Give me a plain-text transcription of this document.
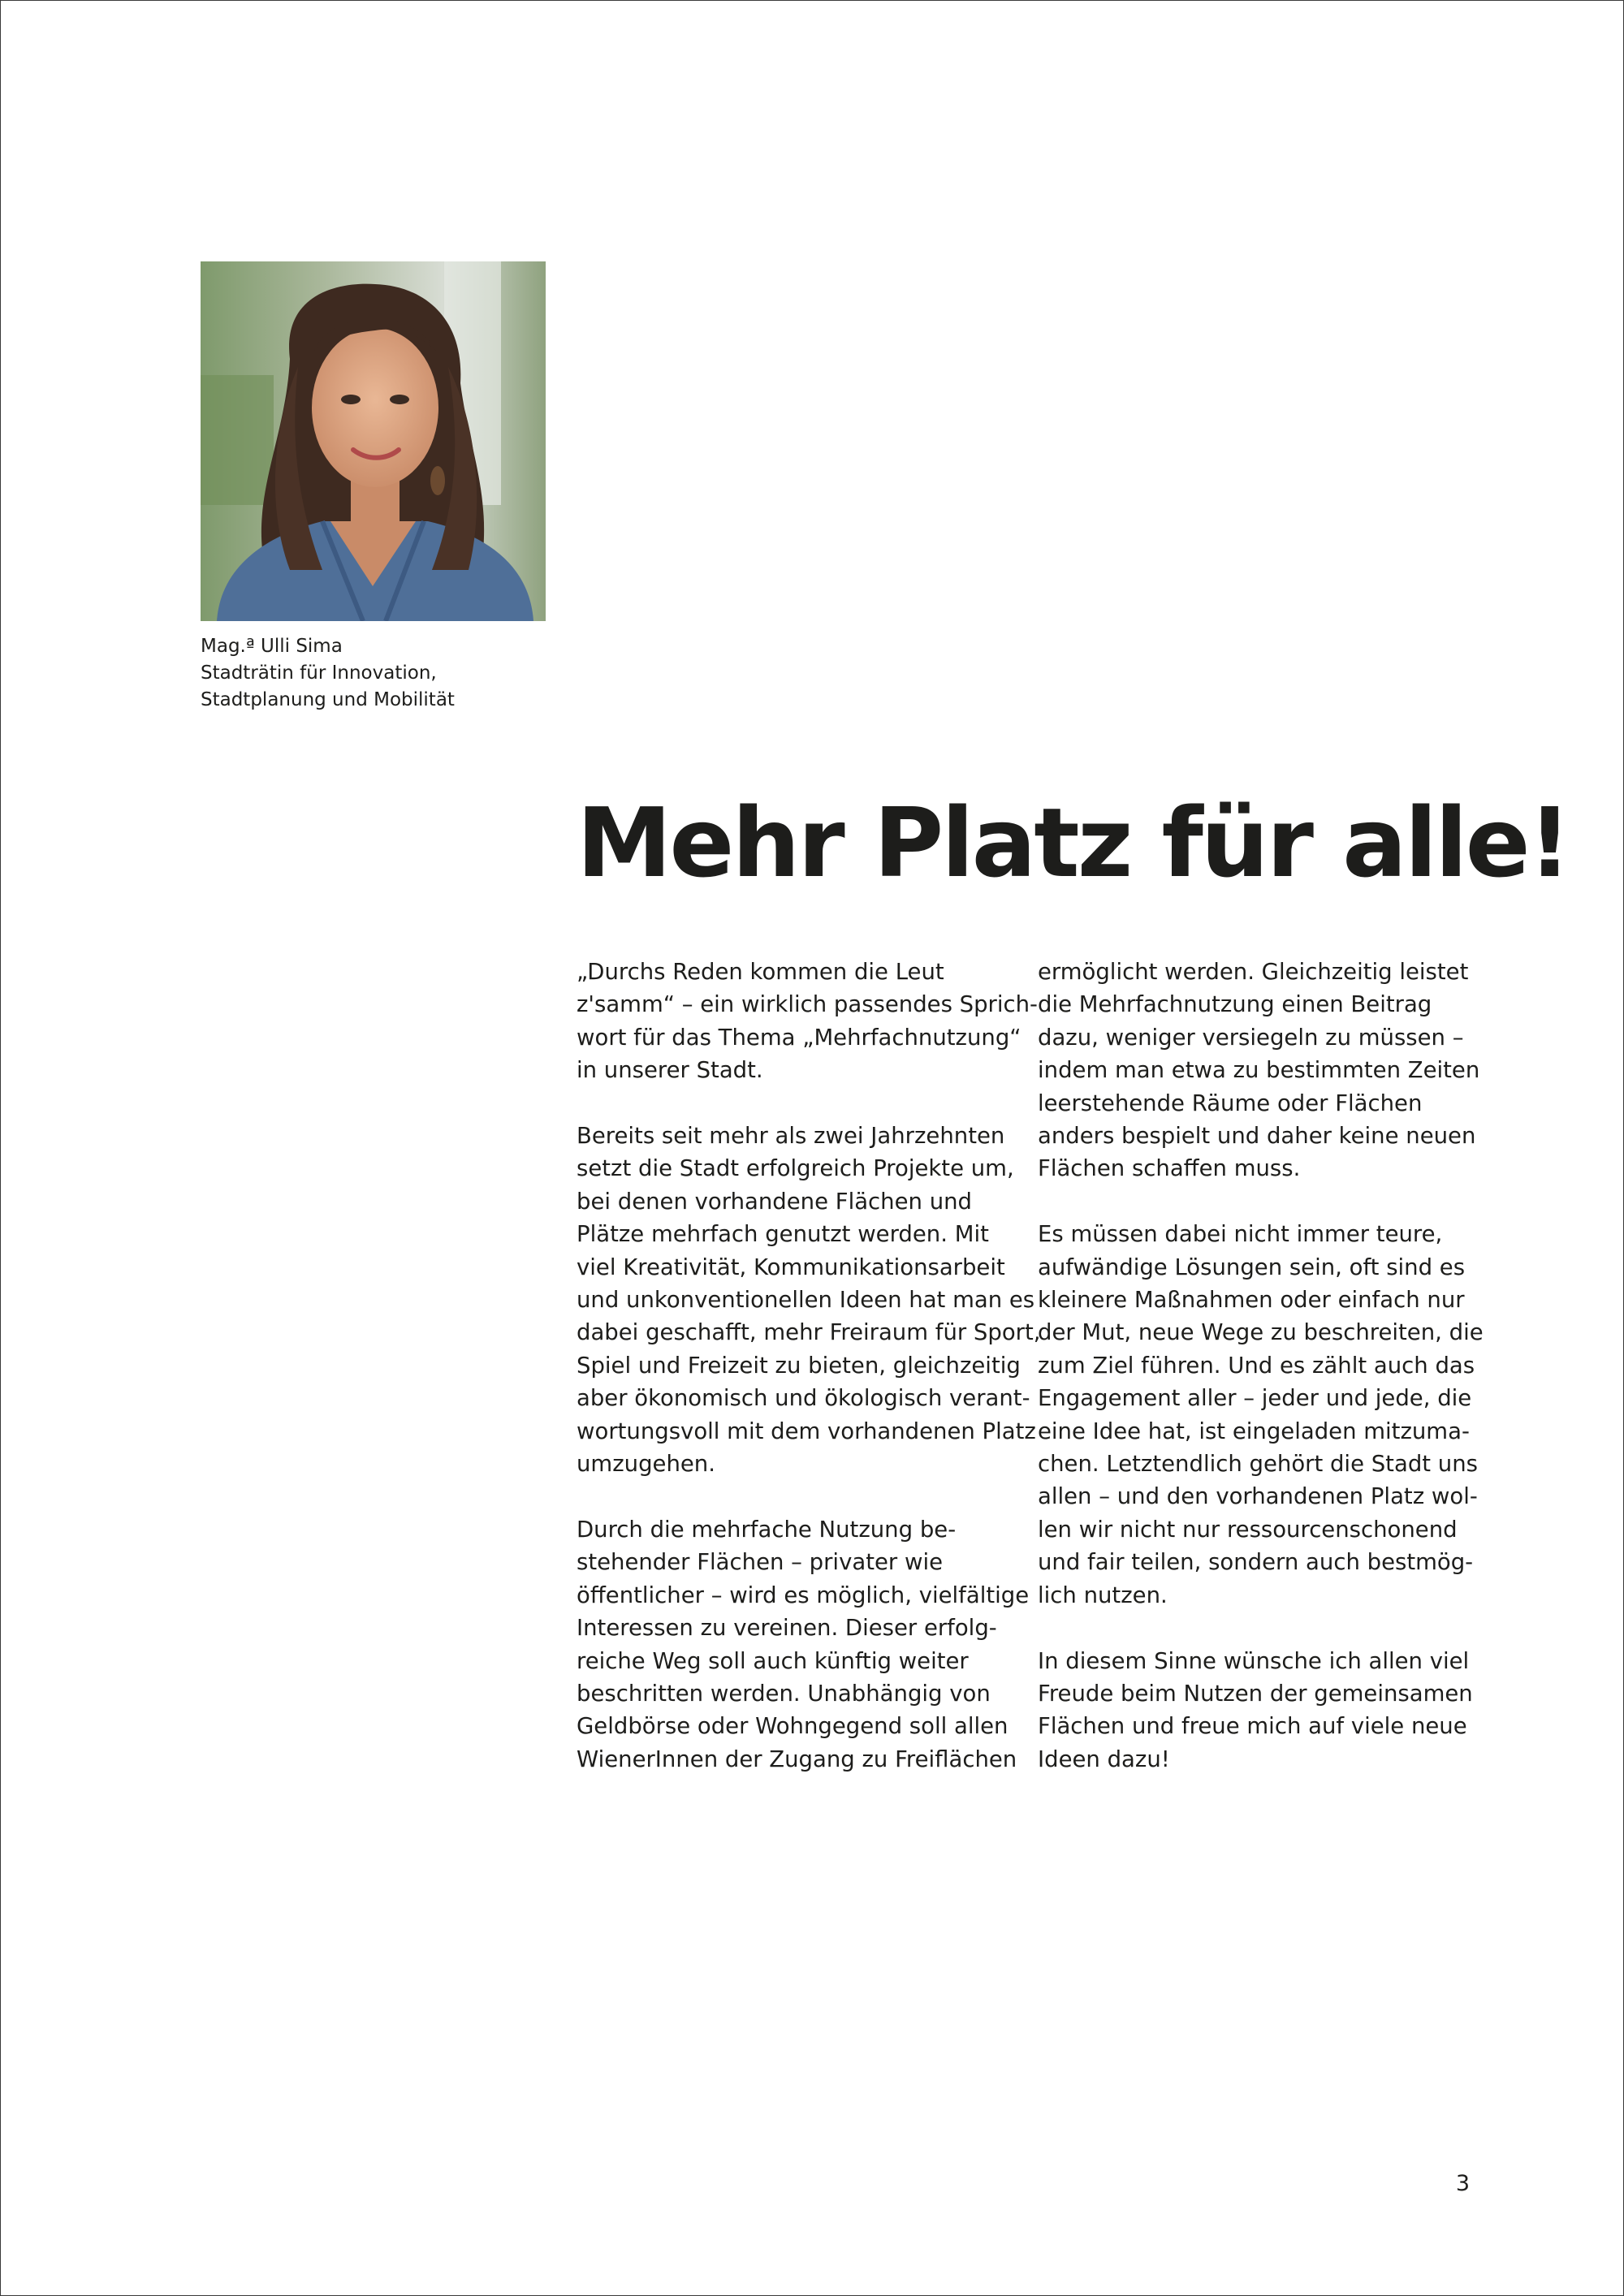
Mag.ª Ulli Sima
Stadträtin für Innovation,
Stadtplanung und Mobilität
Mehr Platz für alle!

„Durchs Reden kommen die Leut
z'samm“ – ein wirklich passendes Sprich-
wort für das Thema „Mehrfachnutzung“
in unserer Stadt.

Bereits seit mehr als zwei Jahrzehnten
setzt die Stadt erfolgreich Projekte um,
bei denen vorhandene Flächen und
Plätze mehrfach genutzt werden. Mit
viel Kreativität, Kommunikationsarbeit
und unkonventionellen Ideen hat man es
dabei geschafft, mehr Freiraum für Sport,
Spiel und Freizeit zu bieten, gleichzeitig
aber ökonomisch und ökologisch verant-
wortungsvoll mit dem vorhandenen Platz
umzugehen.

Durch die mehrfache Nutzung be-
stehender Flächen – privater wie
öffentlicher – wird es möglich, vielfältige
Interessen zu vereinen. Dieser erfolg-
reiche Weg soll auch künftig weiter
beschritten werden. Unabhängig von
Geldbörse oder Wohngegend soll allen
WienerInnen der Zugang zu Freiflächen

ermöglicht werden. Gleichzeitig leistet
die Mehrfachnutzung einen Beitrag
dazu, weniger versiegeln zu müssen –
indem man etwa zu bestimmten Zeiten
leerstehende Räume oder Flächen
anders bespielt und daher keine neuen
Flächen schaffen muss.

Es müssen dabei nicht immer teure,
aufwändige Lösungen sein, oft sind es
kleinere Maßnahmen oder einfach nur
der Mut, neue Wege zu beschreiten, die
zum Ziel führen. Und es zählt auch das
Engagement aller – jeder und jede, die
eine Idee hat, ist eingeladen mitzuma-
chen. Letztendlich gehört die Stadt uns
allen – und den vorhandenen Platz wol-
len wir nicht nur ressourcenschonend
und fair teilen, sondern auch bestmög-
lich nutzen.

In diesem Sinne wünsche ich allen viel
Freude beim Nutzen der gemeinsamen
Flächen und freue mich auf viele neue
Ideen dazu!

3
